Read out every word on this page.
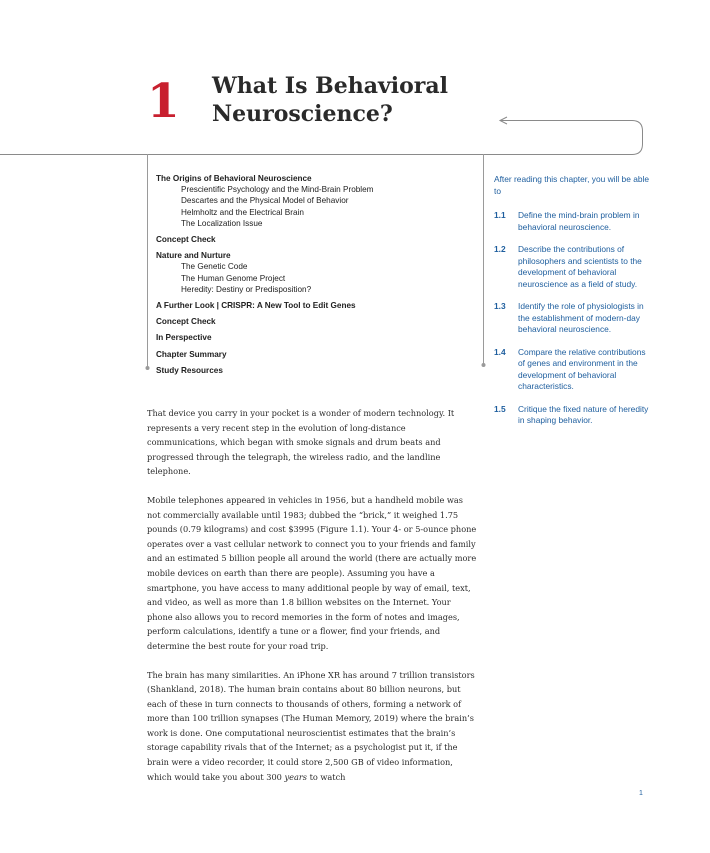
1 What Is Behavioral
Neuroscience?
The Origins of Behavioral Neuroscience
Prescientific Psychology and the Mind-Brain Problem
Descartes and the Physical Model of Behavior
Helmholtz and the Electrical Brain
The Localization Issue
Concept Check
Nature and Nurture
The Genetic Code
The Human Genome Project
Heredity: Destiny or Predisposition?
A Further Look | CRISPR: A New Tool to Edit Genes
Concept Check
In Perspective
Chapter Summary
Study Resources
After reading this chapter, you will be able to
1.1	Define the mind-brain problem in behavioral neuroscience.
1.2	Describe the contributions of philosophers and scientists to the development of behavioral neuroscience as a field of study.
1.3	Identify the role of physiologists in the establishment of modern-day behavioral neuroscience.
1.4	Compare the relative contributions of genes and environment in the development of behavioral characteristics.
1.5	Critique the fixed nature of heredity in shaping behavior.

That device you carry in your pocket is a wonder of modern technology. It represents a very recent step in the evolution of long-distance communications, which began with smoke signals and drum beats and progressed through the telegraph, the wireless radio, and the landline telephone.

Mobile telephones appeared in vehicles in 1956, but a handheld mobile was not commercially available until 1983; dubbed the “brick,” it weighed 1.75 pounds (0.79 kilograms) and cost $3995 (Figure 1.1). Your 4- or 5-ounce phone operates over a vast cellular network to connect you to your friends and family and an estimated 5 billion people all around the world (there are actually more mobile devices on earth than there are people). Assuming you have a smartphone, you have access to many additional people by way of email, text, and video, as well as more than 1.8 billion websites on the Internet. Your phone also allows you to record memories in the form of notes and images, perform calculations, identify a tune or a flower, find your friends, and determine the best route for your road trip.

The brain has many similarities. An iPhone XR has around 7 trillion transistors (Shankland, 2018). The human brain contains about 80 billion neurons, but each of these in turn connects to thousands of others, forming a network of more than 100 trillion synapses (The Human Memory, 2019) where the brain’s work is done. One computational neuroscientist estimates that the brain’s storage capability rivals that of the Internet; as a psychologist put it, if the brain were a video recorder, it could store 2,500 GB of video information, which would take you about 300 years to watch

1
